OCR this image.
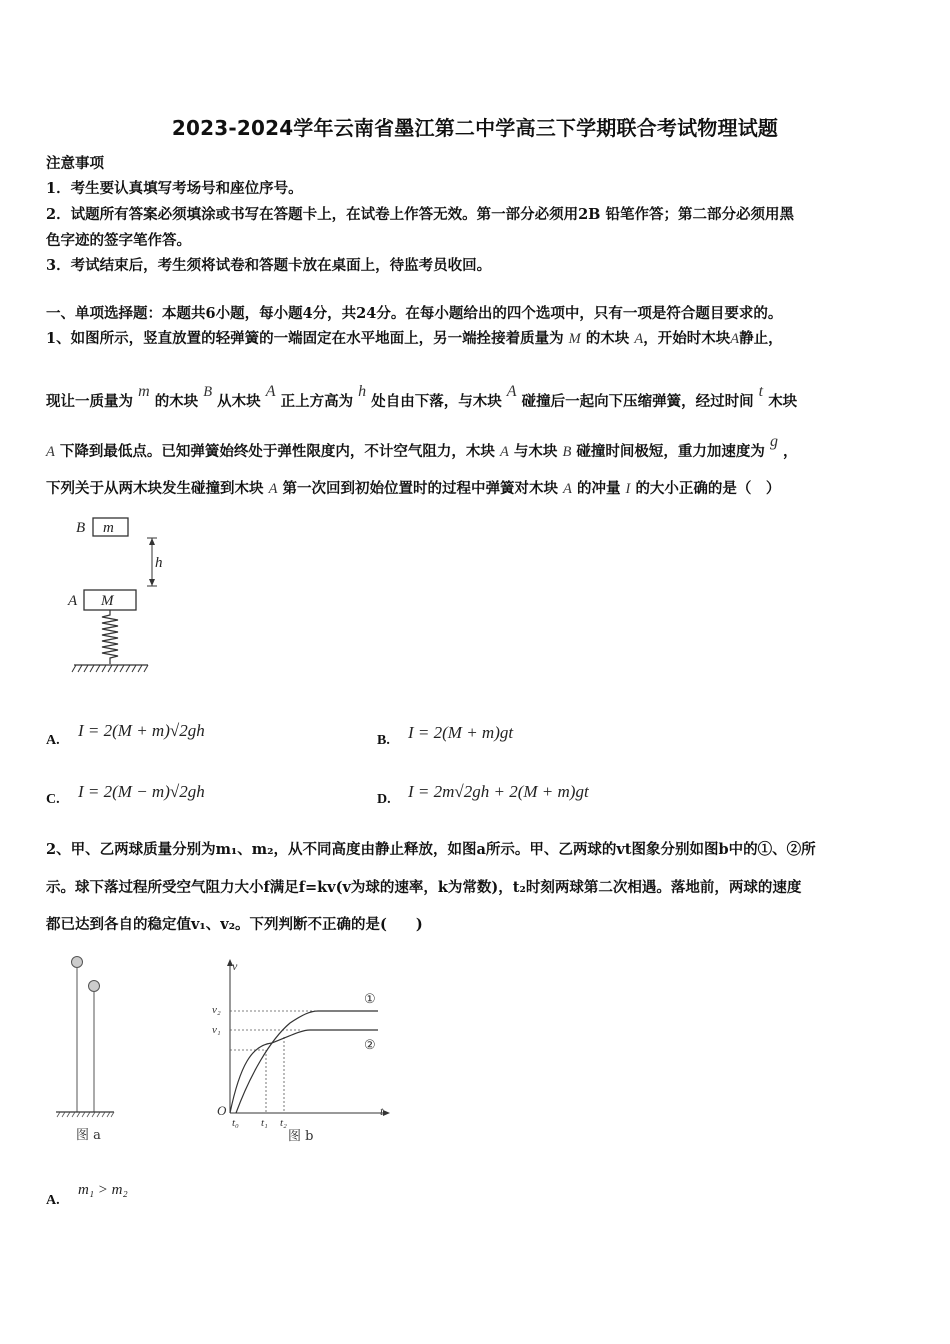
2023-2024学年云南省墨江第二中学高三下学期联合考试物理试题
注意事项
1．考生要认真填写考场号和座位序号。
2．试题所有答案必须填涂或书写在答题卡上，在试卷上作答无效。第一部分必须用2B 铅笔作答；第二部分必须用黑
色字迹的签字笔作答。
3．考试结束后，考生须将试卷和答题卡放在桌面上，待监考员收回。
一、单项选择题：本题共6小题，每小题4分，共24分。在每小题给出的四个选项中，只有一项是符合题目要求的。
1、如图所示，竖直放置的轻弹簧的一端固定在水平地面上，另一端拴接着质量为 M 的木块 A，开始时木块A静止，
现让一质量为 m 的木块 B 从木块 A 正上方高为 h 处自由下落，与木块 A 碰撞后一起向下压缩弹簧，经过时间 t 木块
A 下降到最低点。已知弹簧始终处于弹性限度内，不计空气阻力，木块 A 与木块 B 碰撞时间极短，重力加速度为 g ，
下列关于从两木块发生碰撞到木块 A 第一次回到初始位置时的过程中弹簧对木块 A 的冲量 I 的大小正确的是（　）
B m
h
A M
A.
I = 2(M + m)√2gh
B. I = 2(M + m)gt
C. I = 2(M − m)√2gh	D. I = 2m√2gh + 2(M + m)gt
2、甲、乙两球质量分别为m₁、m₂，从不同高度由静止释放，如图a所示。甲、乙两球的vt图象分别如图b中的①、②所
示。球下落过程所受空气阻力大小f满足f=kv(v为球的速率，k为常数)，t₂时刻两球第二次相遇。落地前，两球的速度
都已达到各自的稳定值v₁、v₂。下列判断不正确的是(　　)
图 a
v
t
O
v₂
v₁
①
②
t₀ t₁ t₂
图 b
A.
m₁ > m₂
